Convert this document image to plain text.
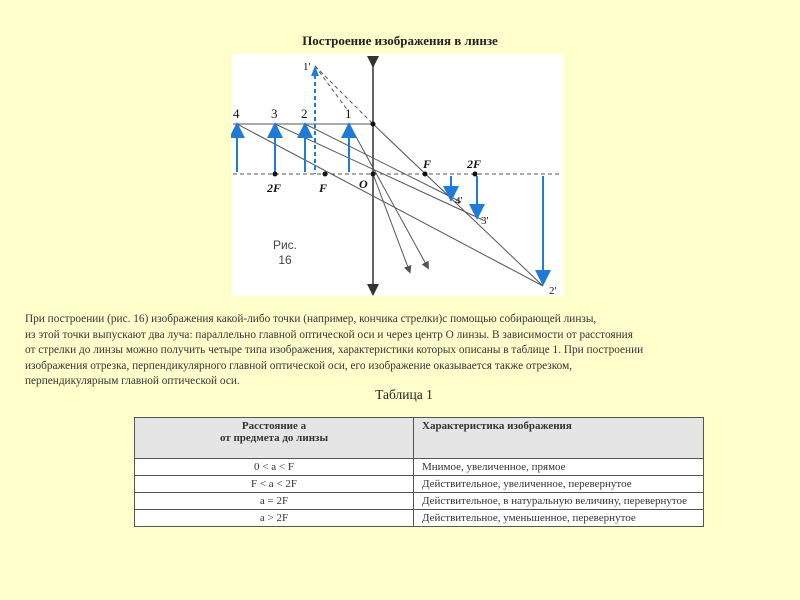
Построение изображения в линзе
4 3 2	1
1'
2'
3'
4'
2F	F	O
F	2F
Рис.
16
При построении (рис. 16) изображения какой-либо точки (например, кончика стрелки)с помощью собирающей линзы,
из этой точки выпускают два луча: параллельно главной оптической оси и через центр O линзы. В зависимости от расстояния
от стрелки до линзы можно получить четыре типа изображения, характеристики которых описаны в таблице 1. При построении
изображения отрезка, перпендикулярного главной оптической оси, его изображение оказывается также отрезком,
перпендикулярным главной оптической оси.
Таблица 1
Расстояние a
от предмета до линзы	Характеристика изображения
0 < a < F	Мнимое, увеличенное, прямое
F < a < 2F	Действительное, увеличенное, перевернутое
a = 2F	Действительное, в натуральную величину, перевернутое
a > 2F	Действительное, уменьшенное, перевернутое
